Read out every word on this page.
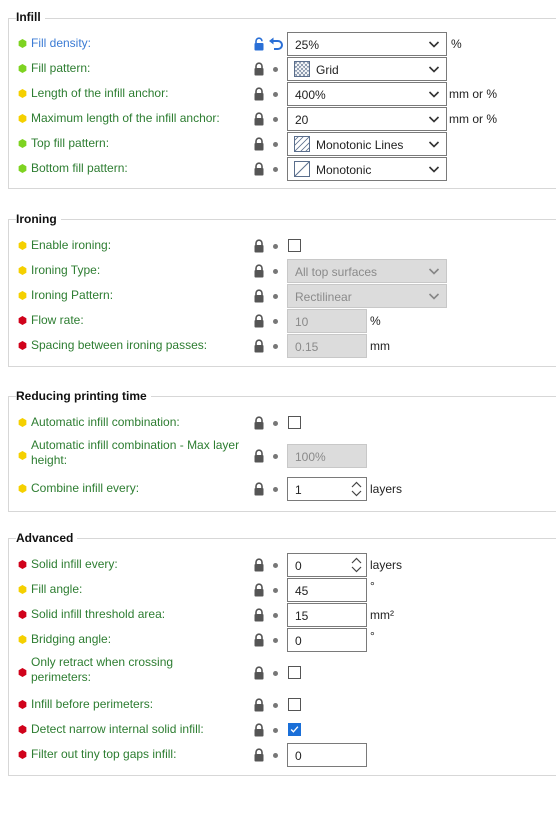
Infill
Fill density:	25%	%
Fill pattern:	Grid
Length of the infill anchor:	400%	mm or %
Maximum length of the infill anchor:	20	mm or %
Top fill pattern:	Monotonic Lines
Bottom fill pattern:	Monotonic
Ironing
Enable ironing:
Ironing Type:	All top surfaces
Ironing Pattern:	Rectilinear
Flow rate:	10	%
Spacing between ironing passes:	0.15	mm
Reducing printing time
Automatic infill combination:
Automatic infill combination - Max layer height:	100%
Combine infill every:	1	layers
Advanced
Solid infill every:	0	layers
Fill angle:	45	°
Solid infill threshold area:	15	mm²
Bridging angle:	0	°
Only retract when crossing perimeters:
Infill before perimeters:
Detect narrow internal solid infill:
Filter out tiny top gaps infill:	0
